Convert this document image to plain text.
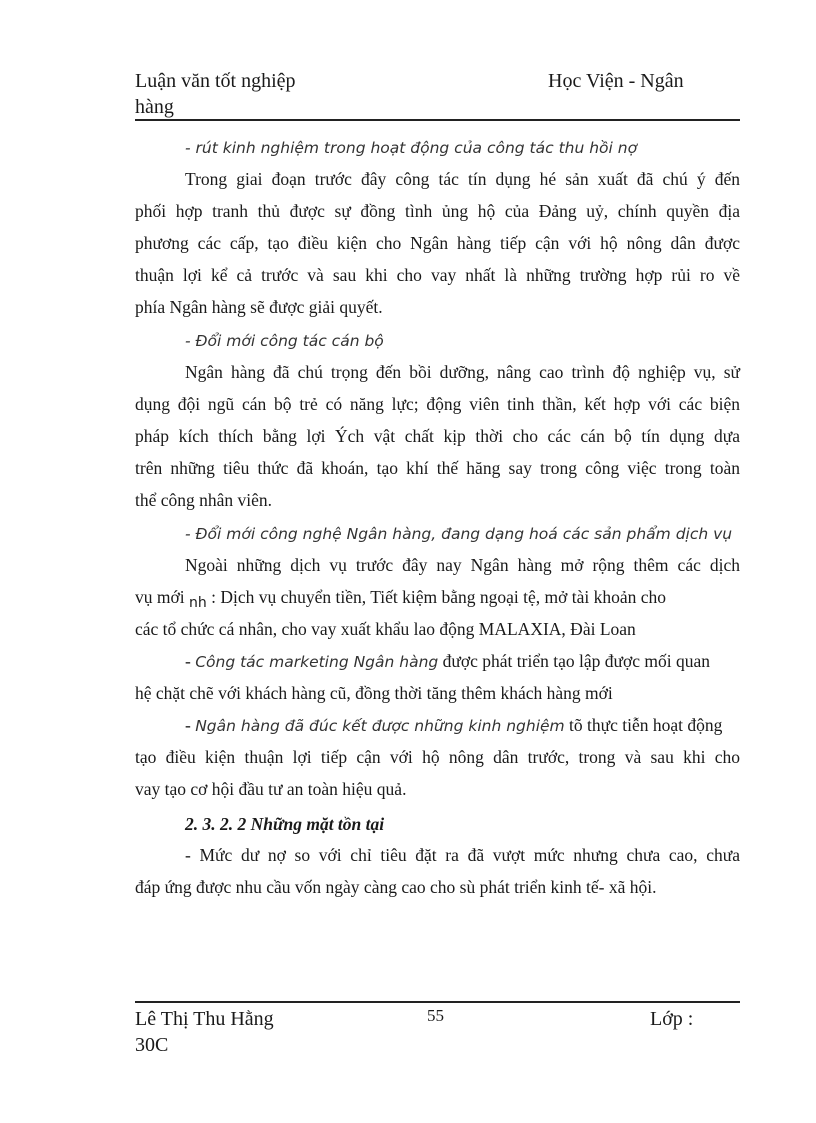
Luận văn tốt nghiệp
hàng
Học Viện - Ngân
- rút kinh nghiệm trong hoạt động của công tác thu hồi nợ
Trong giai đoạn trước đây công tác tín dụng hé sản xuất đã chú ý đến
phối hợp tranh thủ được sự đồng tình ủng hộ của Đảng uỷ, chính quyền địa
phương các cấp, tạo điều kiện cho Ngân hàng tiếp cận với hộ nông dân được
thuận lợi kể cả trước và sau khi cho vay nhất là những trường hợp rủi ro về
phía Ngân hàng sẽ được giải quyết.
- Đổi mới công tác cán bộ
Ngân hàng đã chú trọng đến bồi dưỡng, nâng cao trình độ nghiệp vụ, sử
dụng đội ngũ cán bộ trẻ có năng lực; động viên tinh thần, kết hợp với các biện
pháp kích thích bằng lợi Ých vật chất kịp thời cho các cán bộ tín dụng dựa
trên những tiêu thức đã khoán, tạo khí thế hăng say trong công việc trong toàn
thể công nhân viên.
- Đổi mới công nghệ Ngân hàng, đang dạng hoá các sản phẩm dịch vụ
Ngoài những dịch vụ trước đây nay Ngân hàng mở rộng thêm các dịch
vụ mới $_{nh}$ : Dịch vụ chuyển tiền, Tiết kiệm bằng ngoại tệ, mở tài khoản cho
các tổ chức cá nhân, cho vay xuất khẩu lao động MALAXIA, Đài Loan
- Công tác marketing Ngân hàng được phát triển tạo lập được mối quan
hệ chặt chẽ với khách hàng cũ, đồng thời tăng thêm khách hàng mới
- Ngân hàng đã đúc kết được những kinh nghiệm tõ thực tiễn hoạt động
tạo điều kiện thuận lợi tiếp cận với hộ nông dân trước, trong và sau khi cho
vay tạo cơ hội đầu tư an toàn hiệu quả.
2. 3. 2. 2 Những mặt tồn tại
- Mức dư nợ so với chỉ tiêu đặt ra đã vượt mức nhưng chưa cao, chưa
đáp ứng được nhu cầu vốn ngày càng cao cho sù phát triển kinh tế- xã hội.
Lê Thị Thu Hằng
30C
55	Lớp :
